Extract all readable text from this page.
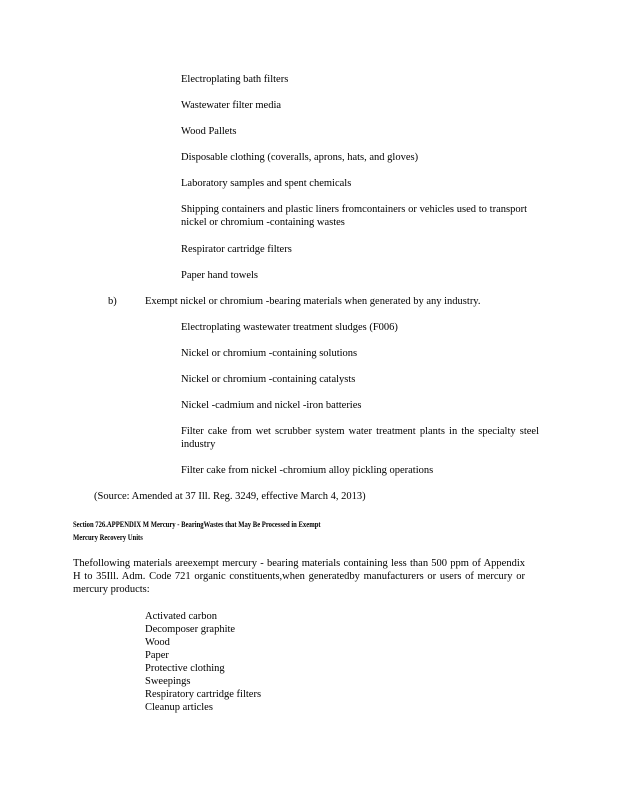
Electroplating bath filters
Wastewater filter media
Wood Pallets
Disposable clothing (coveralls, aprons, hats, and gloves)
Laboratory samples and spent chemicals
Shipping containers and plastic liners fromcontainers or vehicles used to transport nickel or chromium -containing wastes
Respirator cartridge filters
Paper hand towels
b)	Exempt nickel or chromium -bearing materials when generated by any industry.
Electroplating wastewater treatment sludges (F006)
Nickel or chromium -containing solutions
Nickel or chromium -containing catalysts
Nickel -cadmium and nickel -iron batteries
Filter cake from wet scrubber system water treatment plants in the specialty steel industry
Filter cake from nickel -chromium alloy pickling operations
(Source: Amended at 37 Ill. Reg. 3249, effective March 4, 2013)
Section 726.APPENDIX M Mercury - BearingWastes that May Be Processed in Exempt
Mercury Recovery Units
Thefollowing materials areexempt mercury - bearing materials containing less than 500 ppm of Appendix H to 35Ill. Adm. Code 721 organic constituents,when generatedby manufacturers or users of mercury or mercury products:
Activated carbon
Decomposer graphite
Wood
Paper
Protective clothing
Sweepings
Respiratory cartridge filters
Cleanup articles
